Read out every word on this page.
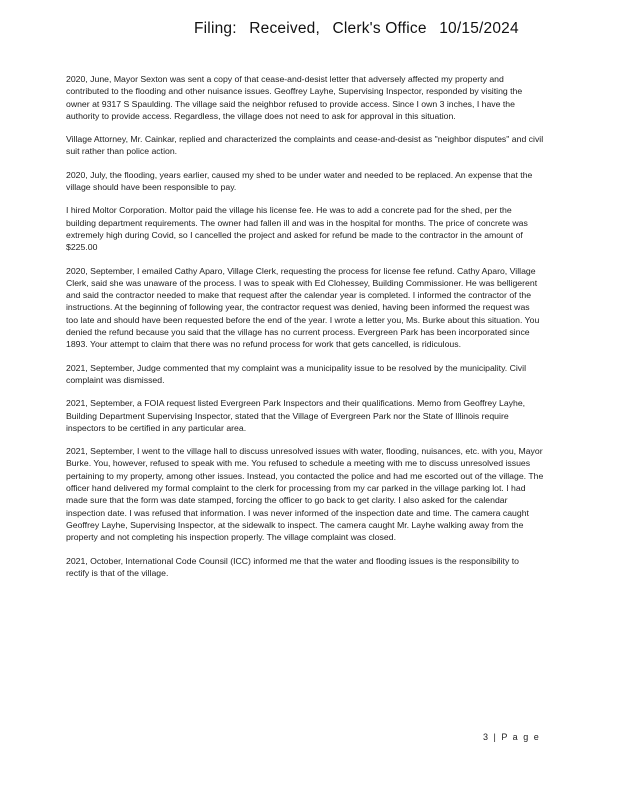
Filing: Received, Clerk's Office 10/15/2024

2020, June, Mayor Sexton was sent a copy of that cease-and-desist letter that adversely affected my property and contributed to the flooding and other nuisance issues. Geoffrey Layhe, Supervising Inspector, responded by visiting the owner at 9317 S Spaulding. The village said the neighbor refused to provide access. Since I own 3 inches, I have the authority to provide access. Regardless, the village does not need to ask for approval in this situation.

Village Attorney, Mr. Cainkar, replied and characterized the complaints and cease-and-desist as "neighbor disputes" and civil suit rather than police action.

2020, July, the flooding, years earlier, caused my shed to be under water and needed to be replaced. An expense that the village should have been responsible to pay.

I hired Moltor Corporation. Moltor paid the village his license fee. He was to add a concrete pad for the shed, per the building department requirements. The owner had fallen ill and was in the hospital for months. The price of concrete was extremely high during Covid, so I cancelled the project and asked for refund be made to the contractor in the amount of $225.00

2020, September, I emailed Cathy Aparo, Village Clerk, requesting the process for license fee refund. Cathy Aparo, Village Clerk, said she was unaware of the process. I was to speak with Ed Clohessey, Building Commissioner. He was belligerent and said the contractor needed to make that request after the calendar year is completed. I informed the contractor of the instructions. At the beginning of following year, the contractor request was denied, having been informed the request was too late and should have been requested before the end of the year. I wrote a letter you, Ms. Burke about this situation. You denied the refund because you said that the village has no current process. Evergreen Park has been incorporated since 1893. Your attempt to claim that there was no refund process for work that gets cancelled, is ridiculous.

2021, September, Judge commented that my complaint was a municipality issue to be resolved by the municipality. Civil complaint was dismissed.

2021, September, a FOIA request listed Evergreen Park Inspectors and their qualifications. Memo from Geoffrey Layhe, Building Department Supervising Inspector, stated that the Village of Evergreen Park nor the State of Illinois require inspectors to be certified in any particular area.

2021, September, I went to the village hall to discuss unresolved issues with water, flooding, nuisances, etc. with you, Mayor Burke. You, however, refused to speak with me. You refused to schedule a meeting with me to discuss unresolved issues pertaining to my property, among other issues. Instead, you contacted the police and had me escorted out of the village. The officer hand delivered my formal complaint to the clerk for processing from my car parked in the village parking lot. I had made sure that the form was date stamped, forcing the officer to go back to get clarity. I also asked for the calendar inspection date. I was refused that information. I was never informed of the inspection date and time. The camera caught Geoffrey Layhe, Supervising Inspector, at the sidewalk to inspect. The camera caught Mr. Layhe walking away from the property and not completing his inspection properly. The village complaint was closed.

2021, October, International Code Counsil (ICC) informed me that the water and flooding issues is the responsibility to rectify is that of the village.

3 | P a g e
